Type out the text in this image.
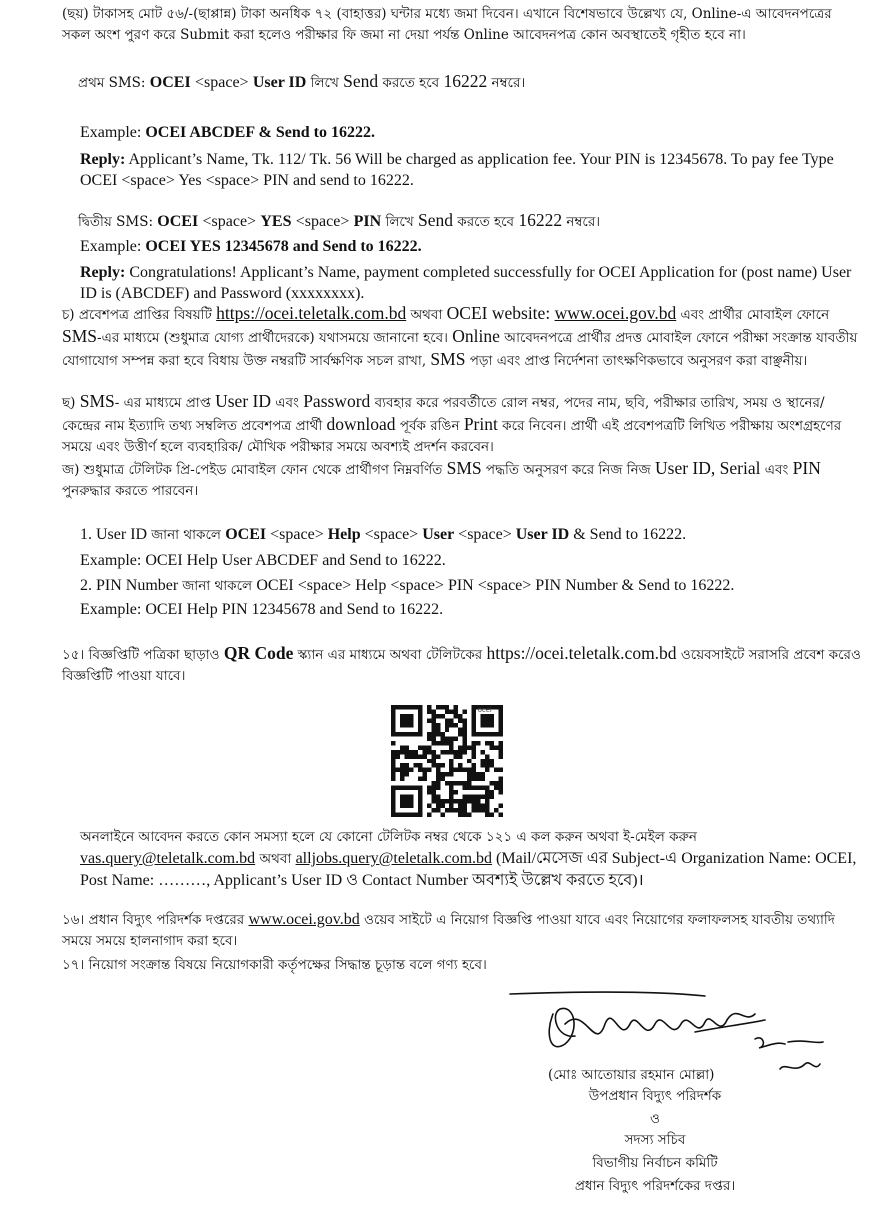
(ছয়) টাকাসহ মোট ৫৬/-(ছাপ্পান্ন) টাকা অনধিক ৭২ (বাহাত্তর) ঘন্টার মধ্যে জমা দিবেন। এখানে বিশেষভাবে উল্লেখ্য যে, Online-এ আবেদনপত্রের সকল অংশ পুরণ করে Submit করা হলেও পরীক্ষার ফি জমা না দেয়া পর্যন্ত Online আবেদনপত্র কোন অবস্থাতেই গৃহীত হবে না।

প্রথম SMS: OCEI <space> User ID লিখে Send করতে হবে 16222 নম্বরে।

Example: OCEI ABCDEF & Send to 16222.

Reply: Applicant’s Name, Tk. 112/ Tk. 56 Will be charged as application fee. Your PIN is 12345678. To pay fee Type OCEI <space> Yes <space> PIN and send to 16222.

দ্বিতীয় SMS: OCEI <space> YES <space> PIN লিখে Send করতে হবে 16222 নম্বরে।

Example: OCEI YES 12345678 and Send to 16222.

Reply: Congratulations! Applicant’s Name, payment completed successfully for OCEI Application for (post name) User ID is (ABCDEF) and Password (xxxxxxxx).

চ) প্রবেশপত্র প্রাপ্তির বিষয়টি https://ocei.teletalk.com.bd অথবা OCEI website: www.ocei.gov.bd এবং প্রার্থীর মোবাইল ফোনে SMS-এর মাধ্যমে (শুধুমাত্র যোগ্য প্রার্থীদেরকে) যথাসময়ে জানানো হবে। Online আবেদনপত্রে প্রার্থীর প্রদত্ত মোবাইল ফোনে পরীক্ষা সংক্রান্ত যাবতীয় যোগাযোগ সম্পন্ন করা হবে বিধায় উক্ত নম্বরটি সার্বক্ষণিক সচল রাখা, SMS পড়া এবং প্রাপ্ত নির্দেশনা তাৎক্ষণিকভাবে অনুসরণ করা বাঞ্ছনীয়।

ছ) SMS- এর মাধ্যমে প্রাপ্ত User ID এবং Password ব্যবহার করে পরবর্তীতে রোল নম্বর, পদের নাম, ছবি, পরীক্ষার তারিখ, সময় ও স্থানের/ কেন্দ্রের নাম ইত্যাদি তথ্য সম্বলিত প্রবেশপত্র প্রার্থী download পূর্বক রঙিন Print করে নিবেন। প্রার্থী এই প্রবেশপত্রটি লিখিত পরীক্ষায় অংশগ্রহণের সময়ে এবং উত্তীর্ণ হলে ব্যবহারিক/ মৌখিক পরীক্ষার সময়ে অবশ্যই প্রদর্শন করবেন।

জ) শুধুমাত্র টেলিটক প্রি-পেইড মোবাইল ফোন থেকে প্রার্থীগণ নিম্নবর্ণিত SMS পদ্ধতি অনুসরণ করে নিজ নিজ User ID, Serial এবং PIN পুনরুদ্ধার করতে পারবেন।

1. User ID জানা থাকলে OCEI <space> Help <space> User <space> User ID & Send to 16222.

Example: OCEI Help User ABCDEF and Send to 16222.

2. PIN Number জানা থাকলে OCEI <space> Help <space> PIN <space> PIN Number & Send to 16222.

Example: OCEI Help PIN 12345678 and Send to 16222.

১৫। বিজ্ঞপ্তিটি পত্রিকা ছাড়াও QR Code স্ক্যান এর মাধ্যমে অথবা টেলিটকের https://ocei.teletalk.com.bd ওয়েবসাইটে সরাসরি প্রবেশ করেও বিজ্ঞপ্তিটি পাওয়া যাবে।

ocei

অনলাইনে আবেদন করতে কোন সমস্যা হলে যে কোনো টেলিটক নম্বর থেকে ১২১ এ কল করুন অথবা ই-মেইল করুন vas.query@teletalk.com.bd অথবা alljobs.query@teletalk.com.bd (Mail/মেসেজ এর Subject-এ Organization Name: OCEI, Post Name: ………, Applicant’s User ID ও Contact Number অবশ্যই উল্লেখ করতে হবে)।

১৬। প্রধান বিদ্যুৎ পরিদর্শক দপ্তরের www.ocei.gov.bd ওয়েব সাইটে এ নিয়োগ বিজ্ঞপ্তি পাওয়া যাবে এবং নিয়োগের ফলাফলসহ যাবতীয় তথ্যাদি সময়ে সময়ে হালনাগাদ করা হবে।

১৭। নিয়োগ সংক্রান্ত বিষয়ে নিয়োগকারী কর্তৃপক্ষের সিদ্ধান্ত চূড়ান্ত বলে গণ্য হবে।

(মোঃ আতোয়ার রহমান মোল্লা)
উপপ্রধান বিদ্যুৎ পরিদর্শক
ও
সদস্য সচিব
বিভাগীয় নির্বাচন কমিটি
প্রধান বিদ্যুৎ পরিদর্শকের দপ্তর।
